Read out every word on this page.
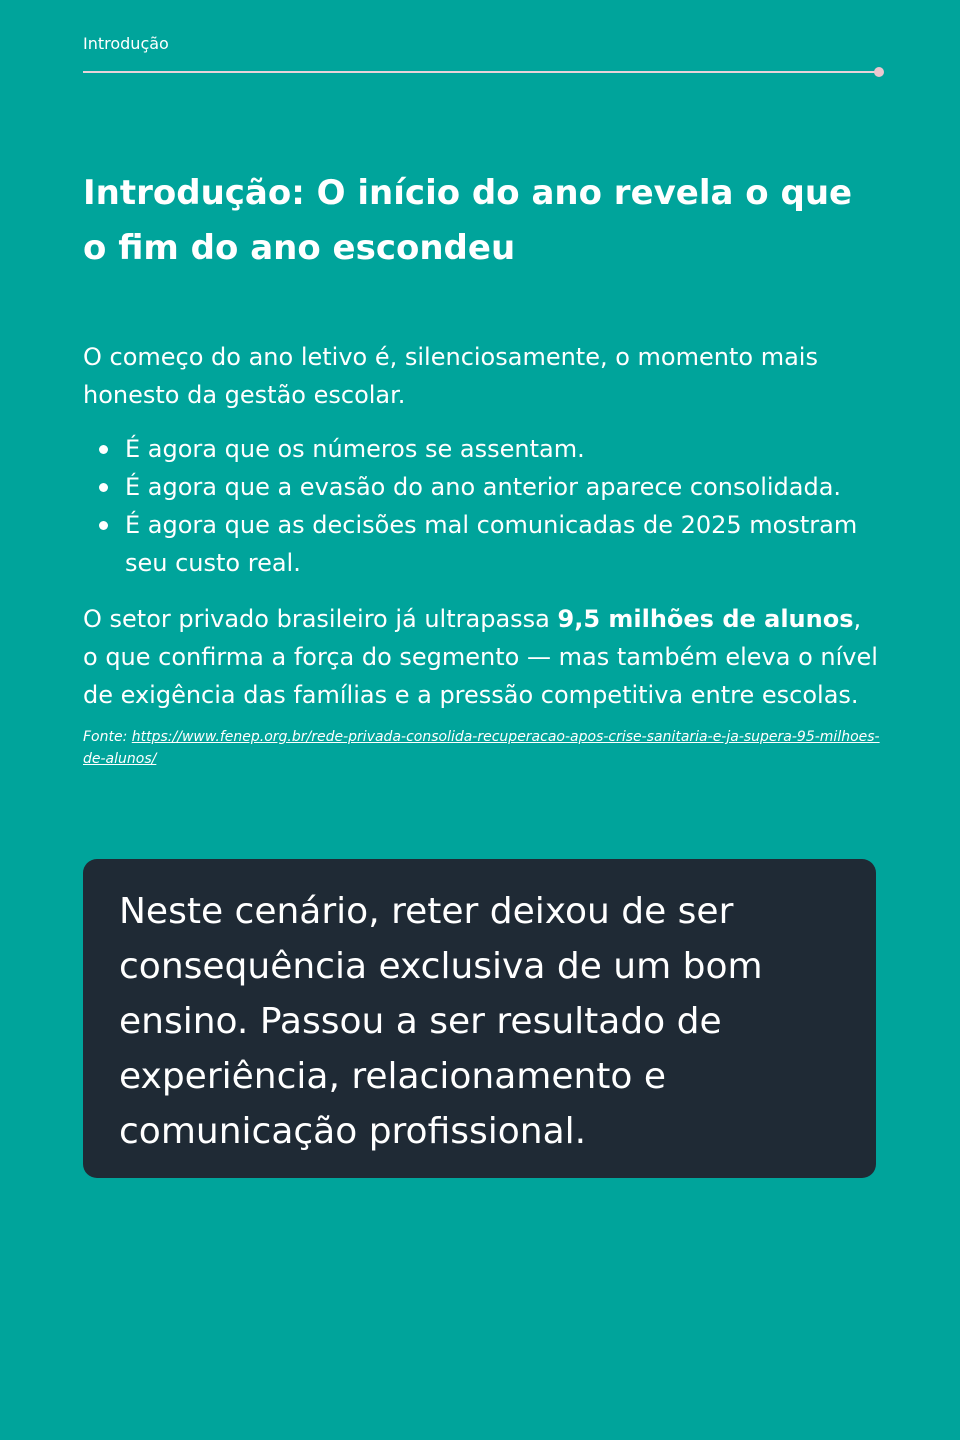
Introdução

Introdução: O início do ano revela o que o fim do ano escondeu

O começo do ano letivo é, silenciosamente, o momento mais honesto da gestão escolar.

É agora que os números se assentam.
É agora que a evasão do ano anterior aparece consolidada.
É agora que as decisões mal comunicadas de 2025 mostram seu custo real.

O setor privado brasileiro já ultrapassa 9,5 milhões de alunos, o que confirma a força do segmento — mas também eleva o nível de exigência das famílias e a pressão competitiva entre escolas.

Fonte: https://www.fenep.org.br/rede-privada-consolida-recuperacao-apos-crise-sanitaria-e-ja-supera-95-milhoes-de-alunos/

Neste cenário, reter deixou de ser consequência exclusiva de um bom ensino. Passou a ser resultado de experiência, relacionamento e comunicação profissional.
